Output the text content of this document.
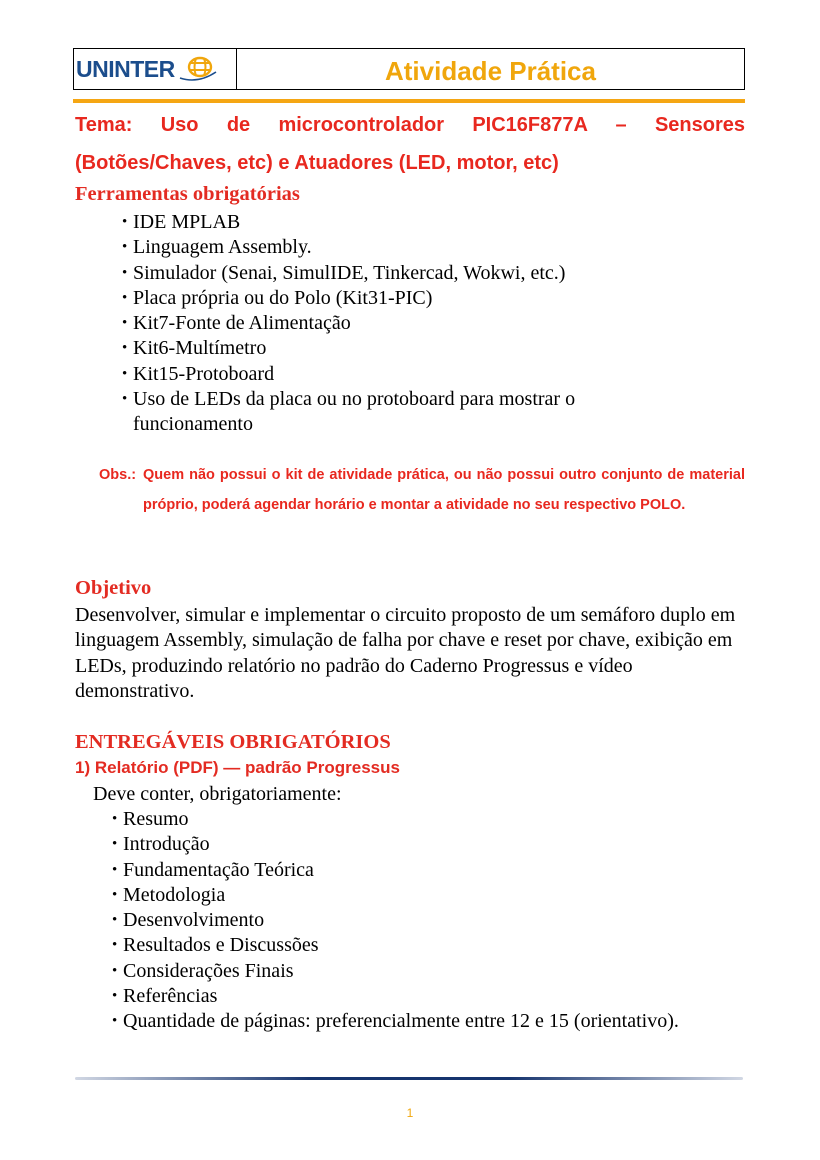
UNINTER	Atividade Prática
Tema: Uso de microcontrolador PIC16F877A – Sensores (Botões/Chaves, etc) e Atuadores (LED, motor, etc)
Ferramentas obrigatórias
• IDE MPLAB
• Linguagem Assembly.
• Simulador (Senai, SimulIDE, Tinkercad, Wokwi, etc.)
• Placa própria ou do Polo (Kit31-PIC)
• Kit7-Fonte de Alimentação
• Kit6-Multímetro
• Kit15-Protoboard
• Uso de LEDs da placa ou no protoboard para mostrar o funcionamento
Obs.: Quem não possui o kit de atividade prática, ou não possui outro conjunto de material próprio, poderá agendar horário e montar a atividade no seu respectivo POLO.
Objetivo
Desenvolver, simular e implementar o circuito proposto de um semáforo duplo em linguagem Assembly, simulação de falha por chave e reset por chave, exibição em LEDs, produzindo relatório no padrão do Caderno Progressus e vídeo demonstrativo.
ENTREGÁVEIS OBRIGATÓRIOS
1) Relatório (PDF) — padrão Progressus
Deve conter, obrigatoriamente:
• Resumo
• Introdução
• Fundamentação Teórica
• Metodologia
• Desenvolvimento
• Resultados e Discussões
• Considerações Finais
• Referências
• Quantidade de páginas: preferencialmente entre 12 e 15 (orientativo).
1
